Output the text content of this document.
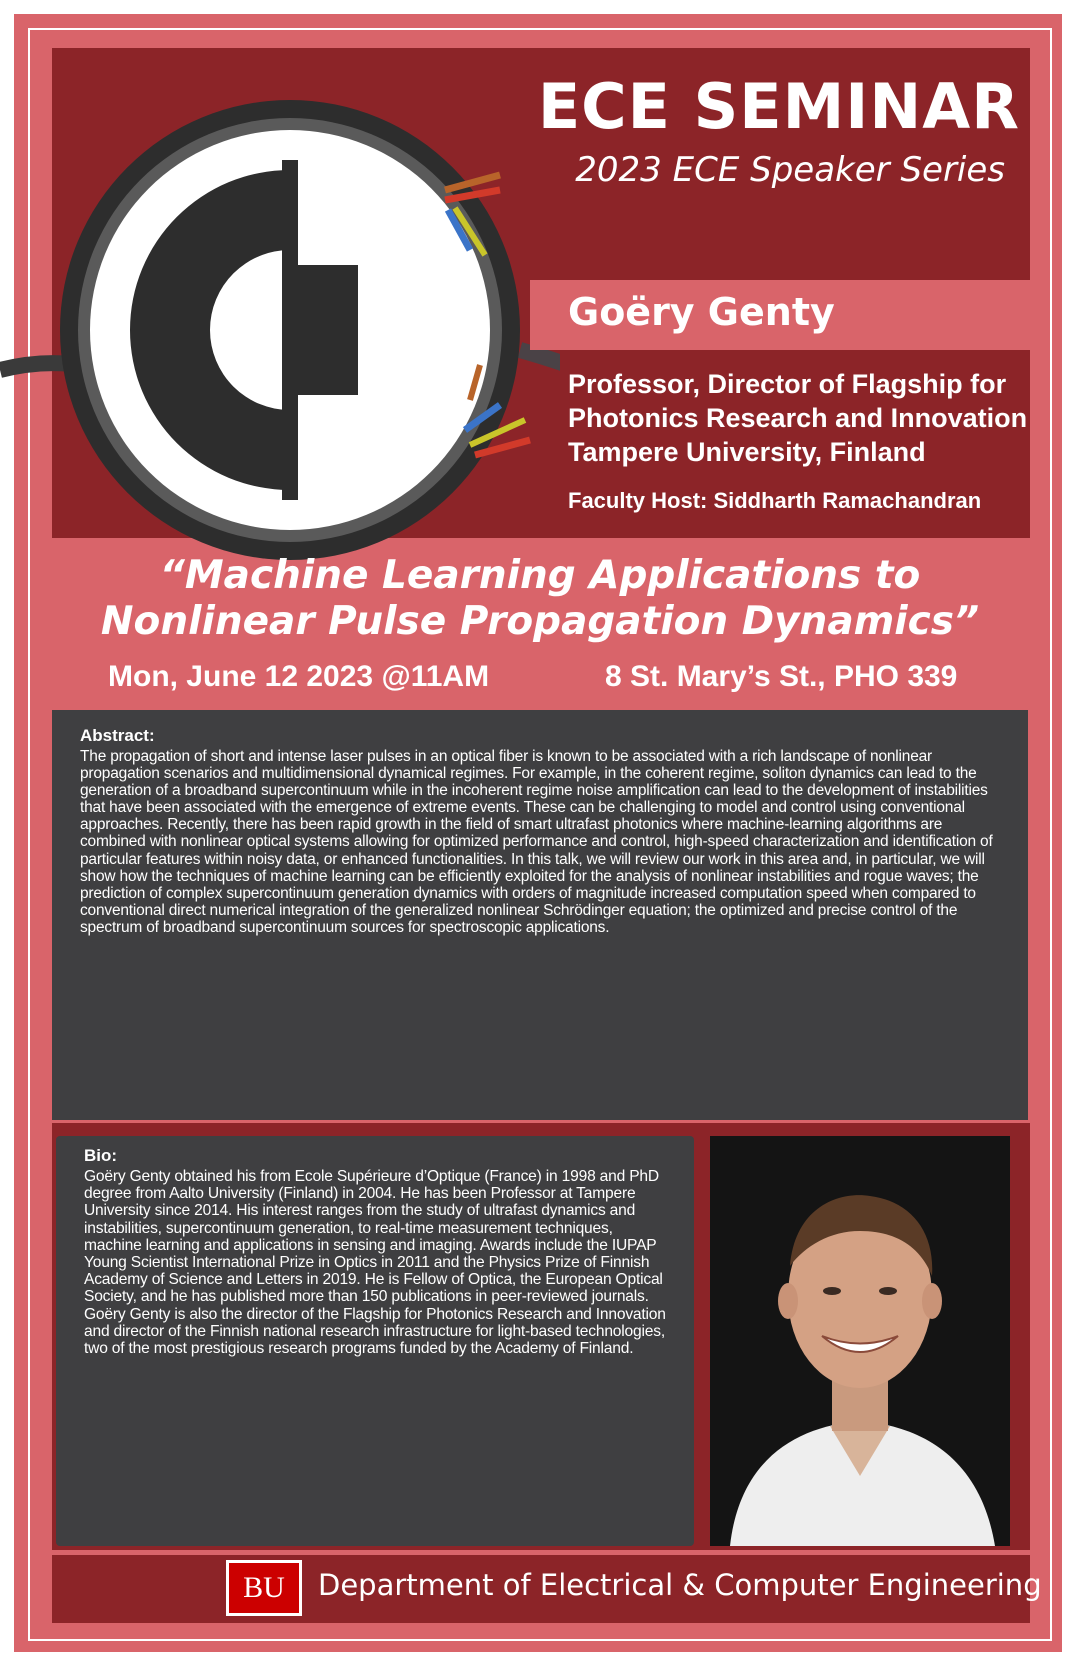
ECE SEMINAR
2023 ECE Speaker Series
Goëry Genty
Professor, Director of Flagship for
Photonics Research and Innovation
Tampere University, Finland
Faculty Host: Siddharth Ramachandran
“Machine Learning Applications to
Nonlinear Pulse Propagation Dynamics”
Mon, June 12 2023 @11AM	8 St. Mary’s St., PHO 339
Abstract:
The propagation of short and intense laser pulses in an optical fiber is known to be associated with a rich landscape of nonlinear propagation scenarios and multidimensional dynamical regimes. For example, in the coherent regime, soliton dynamics can lead to the generation of a broadband supercontinuum while in the incoherent regime noise amplification can lead to the development of instabilities that have been associated with the emergence of extreme events. These can be challenging to model and control using conventional approaches. Recently, there has been rapid growth in the field of smart ultrafast photonics where machine-learning algorithms are combined with nonlinear optical systems allowing for optimized performance and control, high-speed characterization and identification of particular features within noisy data, or enhanced functionalities. In this talk, we will review our work in this area and, in particular, we will show how the techniques of machine learning can be efficiently exploited for the analysis of nonlinear instabilities and rogue waves; the prediction of complex supercontinuum generation dynamics with orders of magnitude increased computation speed when compared to conventional direct numerical integration of the generalized nonlinear Schrödinger equation; the optimized and precise control of the spectrum of broadband supercontinuum sources for spectroscopic applications.
Bio:
Goëry Genty obtained his from Ecole Supérieure d’Optique (France) in 1998 and PhD degree from Aalto University (Finland) in 2004. He has been Professor at Tampere University since 2014. His interest ranges from the study of ultrafast dynamics and instabilities, supercontinuum generation, to real-time measurement techniques, machine learning and applications in sensing and imaging. Awards include the IUPAP Young Scientist International Prize in Optics in 2011 and the Physics Prize of Finnish Academy of Science and Letters in 2019. He is Fellow of Optica, the European Optical Society, and he has published more than 150 publications in peer-reviewed journals. Goëry Genty is also the director of the Flagship for Photonics Research and Innovation and director of the Finnish national research infrastructure for light-based technologies, two of the most prestigious research programs funded by the Academy of Finland.
BU	Department of Electrical & Computer Engineering
